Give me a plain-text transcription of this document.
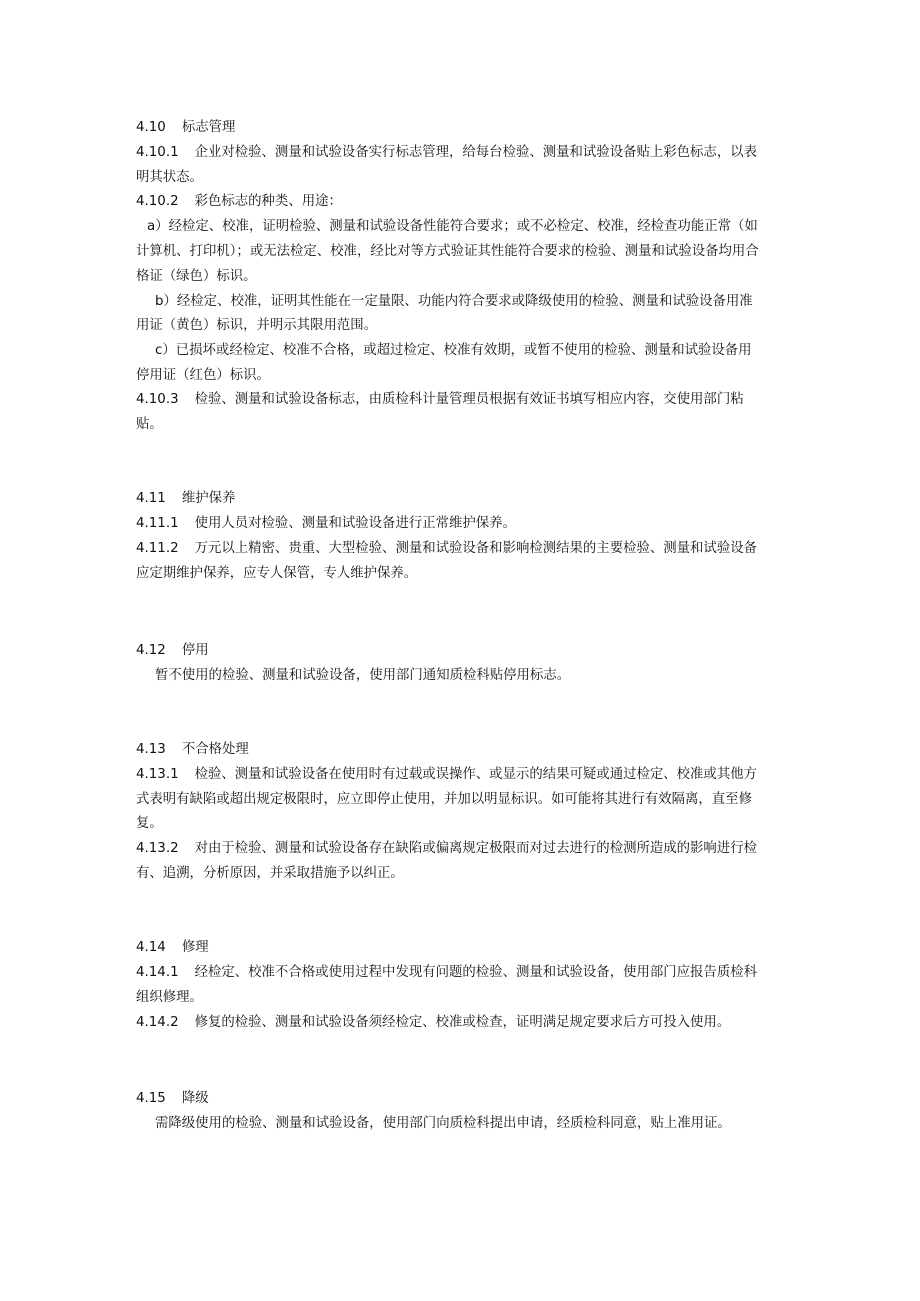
4.10 标志管理
4.10.1 企业对检验、测量和试验设备实行标志管理，给每台检验、测量和试验设备贴上彩色标志，以表
明其状态。
4.10.2 彩色标志的种类、用途：
a）经检定、校准，证明检验、测量和试验设备性能符合要求；或不必检定、校准，经检查功能正常（如
计算机、打印机）；或无法检定、校准，经比对等方式验证其性能符合要求的检验、测量和试验设备均用合
格证（绿色）标识。
b）经检定、校准，证明其性能在一定量限、功能内符合要求或降级使用的检验、测量和试验设备用准
用证（黄色）标识，并明示其限用范围。
c）已损坏或经检定、校准不合格，或超过检定、校准有效期，或暂不使用的检验、测量和试验设备用
停用证（红色）标识。
4.10.3 检验、测量和试验设备标志，由质检科计量管理员根据有效证书填写相应内容，交使用部门粘
贴。
4.11 维护保养
4.11.1 使用人员对检验、测量和试验设备进行正常维护保养。
4.11.2 万元以上精密、贵重、大型检验、测量和试验设备和影响检测结果的主要检验、测量和试验设备
应定期维护保养，应专人保管，专人维护保养。
4.12 停用
暂不使用的检验、测量和试验设备，使用部门通知质检科贴停用标志。
4.13 不合格处理
4.13.1 检验、测量和试验设备在使用时有过载或误操作、或显示的结果可疑或通过检定、校准或其他方
式表明有缺陷或超出规定极限时，应立即停止使用，并加以明显标识。如可能将其进行有效隔离，直至修
复。
4.13.2 对由于检验、测量和试验设备存在缺陷或偏离规定极限而对过去进行的检测所造成的影响进行检
有、追溯，分析原因，并采取措施予以纠正。
4.14 修理
4.14.1 经检定、校准不合格或使用过程中发现有问题的检验、测量和试验设备，使用部门应报告质检科
组织修理。
4.14.2 修复的检验、测量和试验设备须经检定、校准或检查，证明满足规定要求后方可投入使用。
4.15 降级
需降级使用的检验、测量和试验设备，使用部门向质检科提出申请，经质检科同意，贴上准用证。
